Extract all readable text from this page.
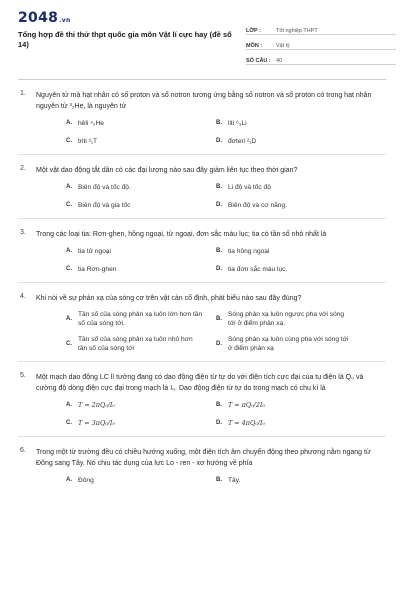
2048.vn
Tổng hợp đề thi thử thpt quốc gia môn Vật lí cực hay (đề số 14)
LỚP :	Tốt nghiệp THPT
MÔN :	Vật lý
SỐ CÂU : 40
1. Nguyên tử mà hạt nhân có số proton và số notron tương ứng bằng số notron và số proton có trong hạt nhân nguyên tử ³₂He, là nguyên tử
A. hêli ⁴₂He	B. liti ⁶₃Li
C. triti ³₁T	D. đơteri ²₁D
2. Một vật dao động tắt dần có các đại lượng nào sau đây giảm liên tục theo thời gian?
A. Biên độ và tốc độ.	B. Li độ và tốc độ
C. Biên độ và gia tốc	D. Biên độ và cơ năng.
3. Trong các loại tia: Rơn-ghen, hồng ngoại, tử ngoại, đơn sắc màu lục; tia có tần số nhỏ nhất là
A. tia tử ngoại	B. tia hồng ngoại
C. tia Rơn-ghen	D. tia đơn sắc màu lục.
4. Khi nói về sự phản xạ của sóng cơ trên vật cản cố định, phát biểu nào sau đây đúng?
A.
Tần số của sóng phản xạ luôn lớn hơn tần số của sóng tới.
B.
Sóng phản xạ luôn ngược pha với sóng tới ở điểm phản xạ.
C.
Tần số của sóng phản xạ luôn nhỏ hơn tần số của sóng tới
D.
Sóng phản xạ luôn cùng pha với sóng tới ở điểm phản xạ
5. Một mạch dao động LC lí tưởng đang có dao động điện từ tự do với điện tích cực đại của tụ điện là Q₀ và cường độ dòng điện cực đại trong mạch là I₀. Dao động điện từ tự do trong mạch có chu kì là
A. T = 2πQ₀/I₀	B. T = πQ₀/2I₀
C. T = 3πQ₀/I₀	D. T = 4πQ₀/I₀
6. Trong một từ trường đều có chiều hướng xuống, một điện tích âm chuyển động theo phương nằm ngang từ Đông sang Tây. Nó chịu tác dụng của lực Lo - ren - xơ hướng về phía
A. Đông	B. Tây.
